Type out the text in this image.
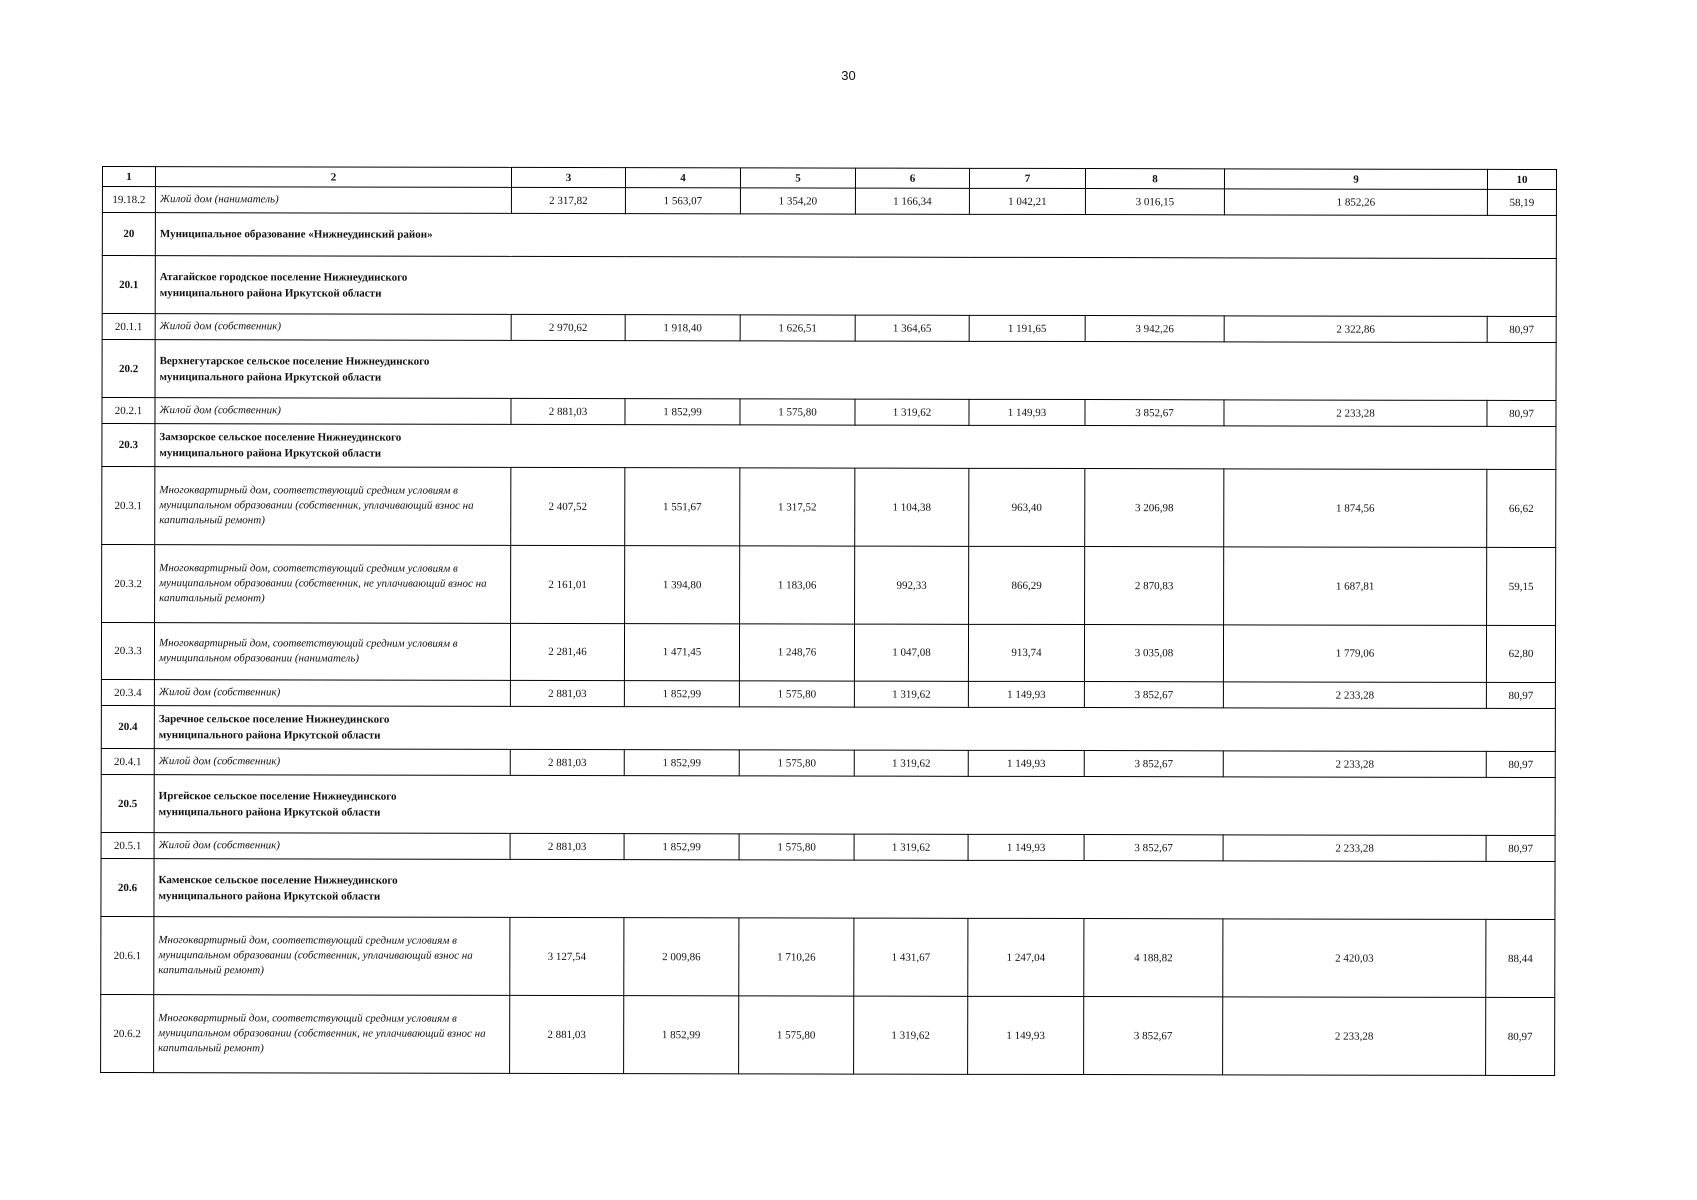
30
1	2	3	4	5	6	7	8	9	10
19.18.2	Жилой дом (наниматель)	2 317,82	1 563,07	1 354,20	1 166,34	1 042,21	3 016,15	1 852,26	58,19
20	Муниципальное образование «Нижнеудинский район»								
20.1	Атагайское городское поселение Нижнеудинского муниципального района Иркутской области								

20.1.1	Жилой дом (собственник)	2 970,62	1 918,40	1 626,51	1 364,65	1 191,65	3 942,26	2 322,86	80,97
20.2	Верхнегутарское сельское поселение Нижнеудинского муниципального района Иркутской области								

20.2.1	Жилой дом (собственник)	2 881,03	1 852,99	1 575,80	1 319,62	1 149,93	3 852,67	2 233,28	80,97
20.3	Замзорское сельское поселение Нижнеудинского муниципального района Иркутской области								

20.3.1	Многоквартирный дом, соответствующий средним условиям в муниципальном образовании (собственник, уплачивающий взнос на капитальный ремонт)	2 407,52	1 551,67	1 317,52	1 104,38	963,40	3 206,98	1 874,56	66,62
20.3.2	Многоквартирный дом, соответствующий средним условиям в муниципальном образовании (собственник, не уплачивающий взнос на капитальный ремонт)	2 161,01	1 394,80	1 183,06	992,33	866,29	2 870,83	1 687,81	59,15
20.3.3	Многоквартирный дом, соответствующий средним условиям в муниципальном образовании (наниматель)	2 281,46	1 471,45	1 248,76	1 047,08	913,74	3 035,08	1 779,06	62,80
20.3.4	Жилой дом (собственник)	2 881,03	1 852,99	1 575,80	1 319,62	1 149,93	3 852,67	2 233,28	80,97
20.4	Заречное сельское поселение Нижнеудинского муниципального района Иркутской области								

20.4.1	Жилой дом (собственник)	2 881,03	1 852,99	1 575,80	1 319,62	1 149,93	3 852,67	2 233,28	80,97
20.5	Иргейское сельское поселение Нижнеудинского муниципального района Иркутской области								

20.5.1	Жилой дом (собственник)	2 881,03	1 852,99	1 575,80	1 319,62	1 149,93	3 852,67	2 233,28	80,97
20.6	Каменское сельское поселение Нижнеудинского муниципального района Иркутской области								

20.6.1	Многоквартирный дом, соответствующий средним условиям в муниципальном образовании (собственник, уплачивающий взнос на капитальный ремонт)	3 127,54	2 009,86	1 710,26	1 431,67	1 247,04	4 188,82	2 420,03	88,44
20.6.2	Многоквартирный дом, соответствующий средним условиям в муниципальном образовании (собственник, не уплачивающий взнос на капитальный ремонт)	2 881,03	1 852,99	1 575,80	1 319,62	1 149,93	3 852,67	2 233,28	80,97
